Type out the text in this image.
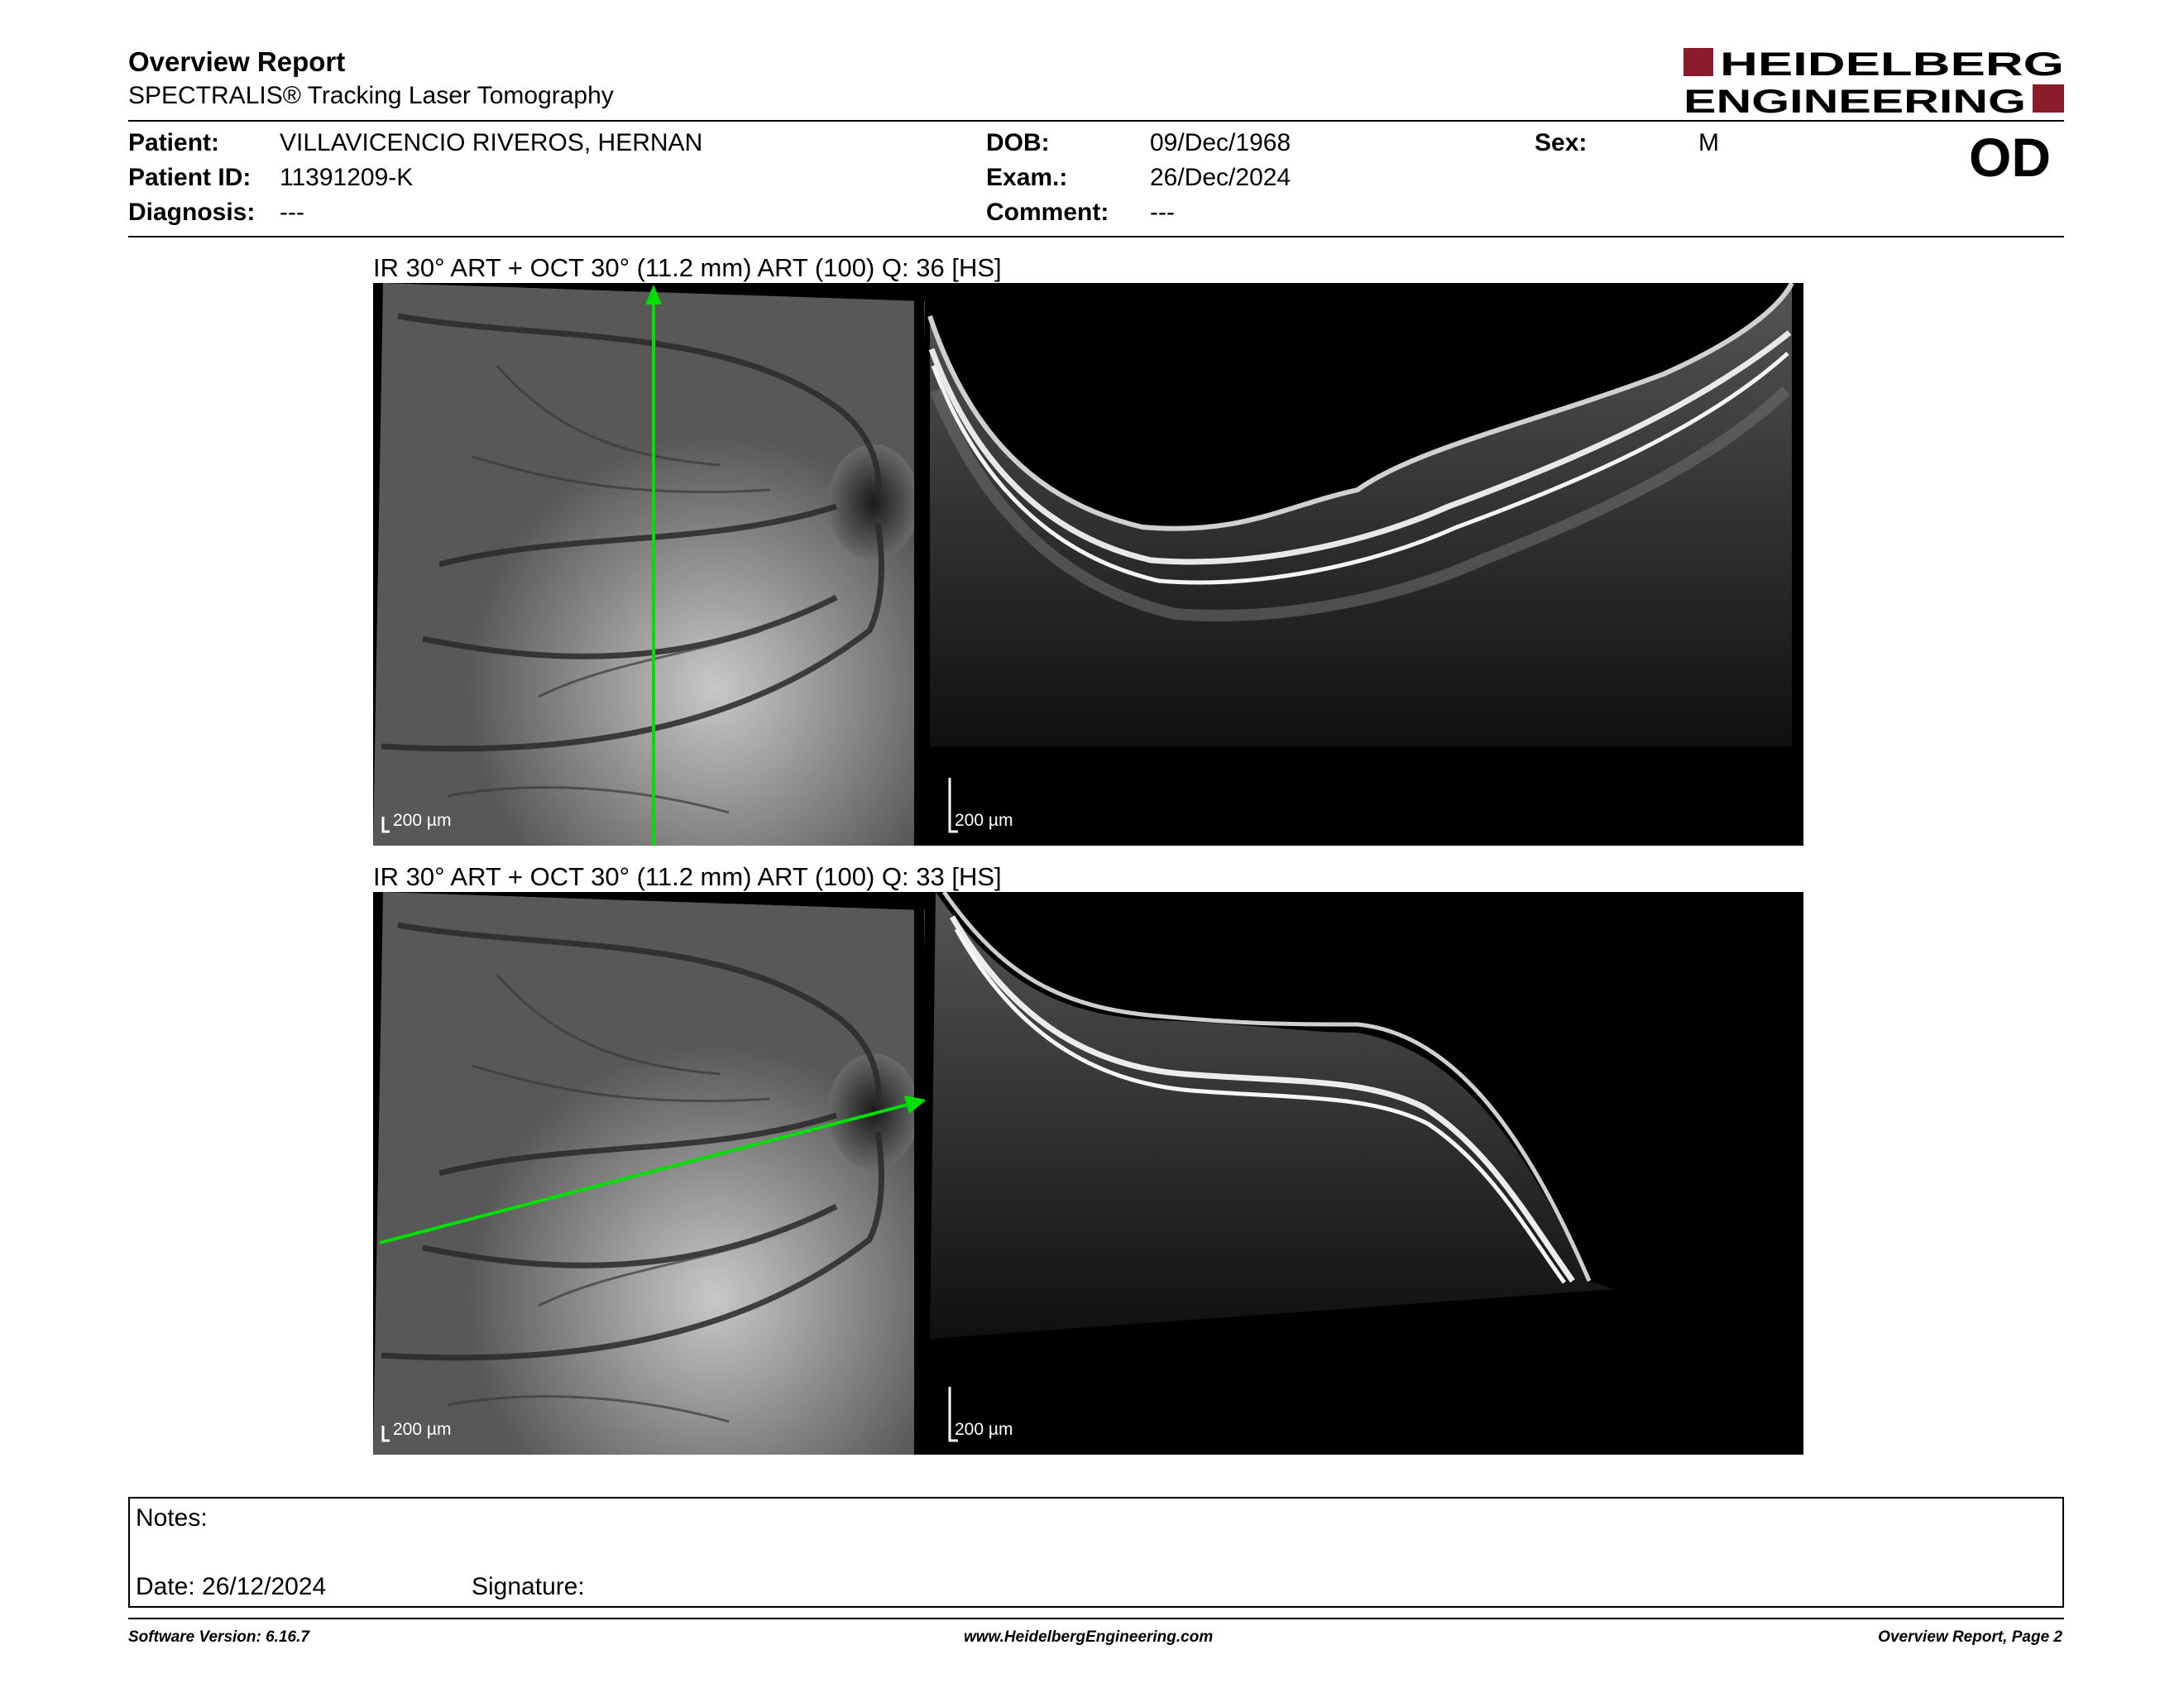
Overview Report
SPECTRALIS® Tracking Laser Tomography
HEIDELBERG
ENGINEERING
Patient: VILLAVICENCIO RIVEROS, HERNAN
Patient ID: 11391209-K
Diagnosis: ---
DOB:	09/Dec/1968
Exam.:	26/Dec/2024
Comment: ---
Sex:	M	OD
IR 30° ART + OCT 30° (11.2 mm) ART (100) Q: 36 [HS]
200 µm	200 µm
IR 30° ART + OCT 30° (11.2 mm) ART (100) Q: 33 [HS]
200 µm	200 µm
Notes:
Date: 26/12/2024	Signature:
Software Version: 6.16.7	www.HeidelbergEngineering.com	Overview Report, Page 2
